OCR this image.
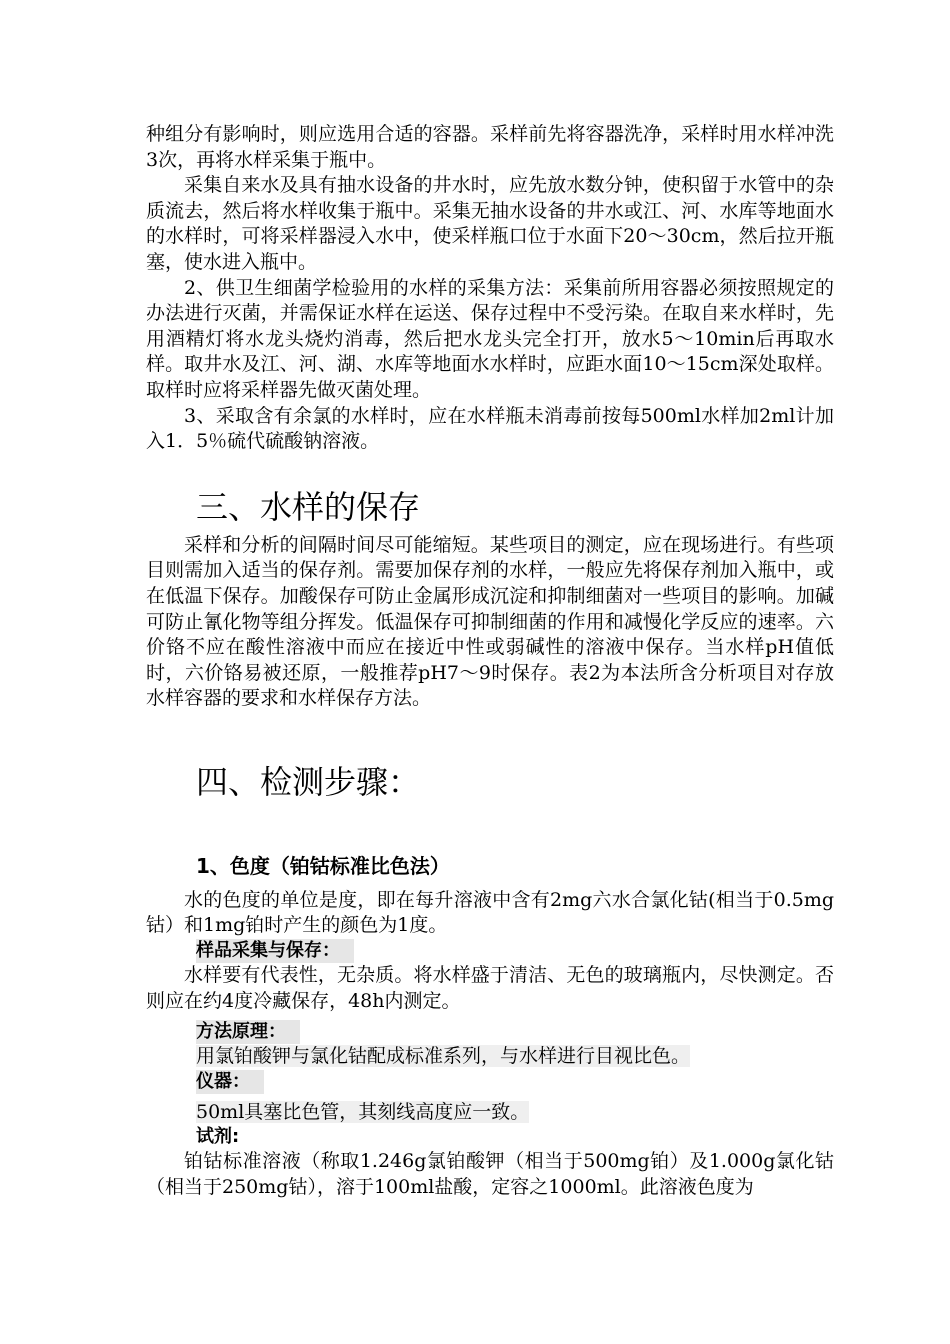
种组分有影响时，则应选用合适的容器。采样前先将容器洗净，采样时用水样冲洗3次，再将水样采集于瓶中。

采集自来水及具有抽水设备的井水时，应先放水数分钟，使积留于水管中的杂质流去，然后将水样收集于瓶中。采集无抽水设备的井水或江、河、水库等地面水的水样时，可将采样器浸入水中，使采样瓶口位于水面下20～30cm，然后拉开瓶塞，使水进入瓶中。

2、供卫生细菌学检验用的水样的采集方法：采集前所用容器必须按照规定的办法进行灭菌，并需保证水样在运送、保存过程中不受污染。在取自来水样时，先用酒精灯将水龙头烧灼消毒，然后把水龙头完全打开，放水5～10min后再取水样。取井水及江、河、湖、水库等地面水水样时，应距水面10～15cm深处取样。取样时应将采样器先做灭菌处理。

3、采取含有余氯的水样时，应在水样瓶未消毒前按每500ml水样加2ml计加入1．5％硫代硫酸钠溶液。

三、水样的保存

采样和分析的间隔时间尽可能缩短。某些项目的测定，应在现场进行。有些项目则需加入适当的保存剂。需要加保存剂的水样，一般应先将保存剂加入瓶中，或在低温下保存。加酸保存可防止金属形成沉淀和抑制细菌对一些项目的影响。加碱可防止氰化物等组分挥发。低温保存可抑制细菌的作用和减慢化学反应的速率。六价铬不应在酸性溶液中而应在接近中性或弱碱性的溶液中保存。当水样pH值低时，六价铬易被还原，一般推荐pH7～9时保存。表2为本法所含分析项目对存放水样容器的要求和水样保存方法。

四、检测步骤：
1、色度（铂钴标准比色法）

水的色度的单位是度，即在每升溶液中含有2mg六水合氯化钴(相当于0.5mg钴）和1mg铂时产生的颜色为1度。

样品采集与保存：

水样要有代表性，无杂质。将水样盛于清洁、无色的玻璃瓶内，尽快测定。否则应在约4度冷藏保存，48h内测定。

方法原理：

用氯铂酸钾与氯化钴配成标准系列，与水样进行目视比色。

仪器：

50ml具塞比色管，其刻线高度应一致。

试剂:

铂钴标准溶液（称取1.246g氯铂酸钾（相当于500mg铂）及1.000g氯化钴（相当于250mg钴），溶于100ml盐酸，定容之1000ml。此溶液色度为
